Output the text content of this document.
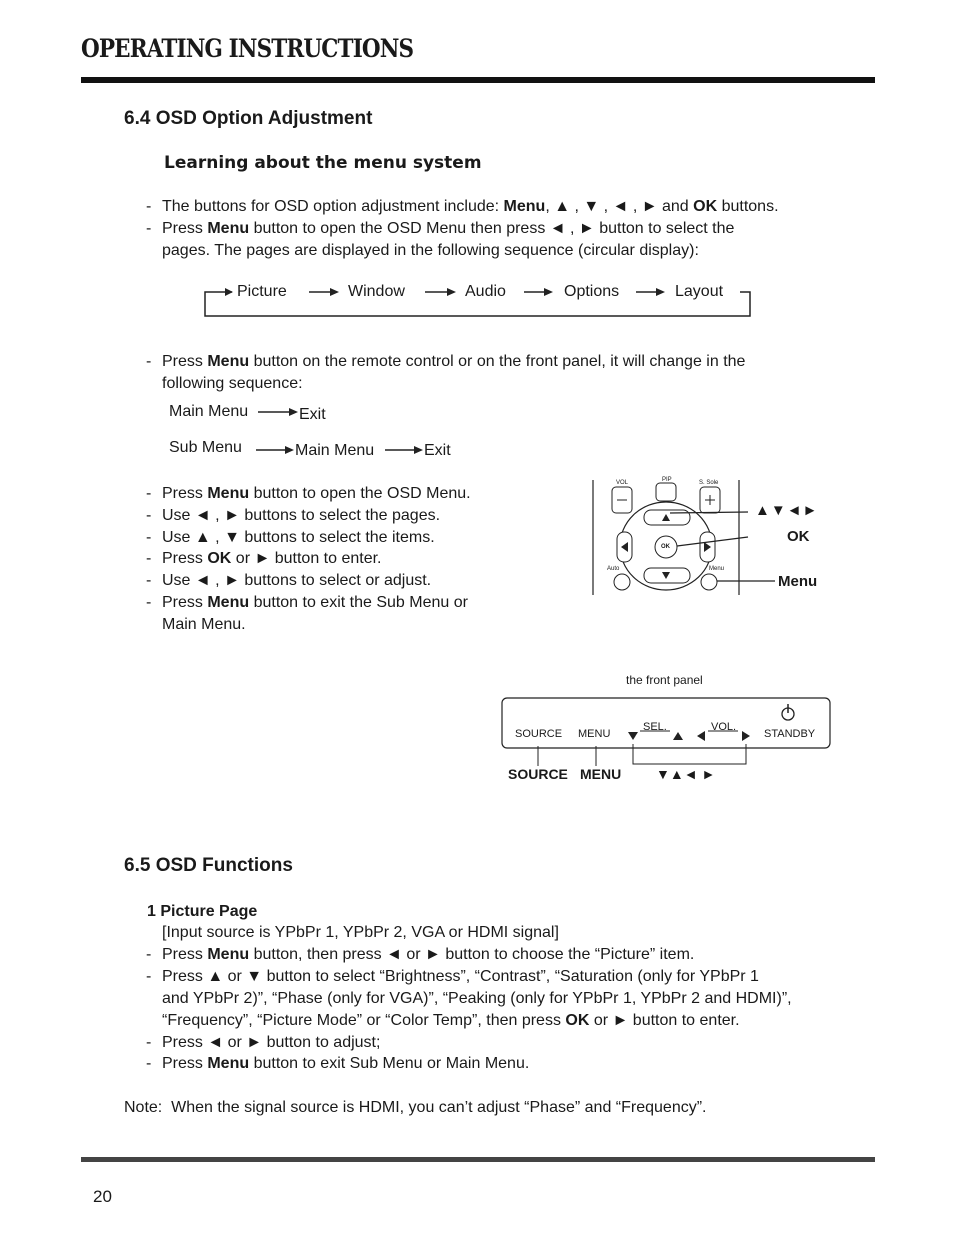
OPERATING INSTRUCTIONS
6.4 OSD Option Adjustment
Learning about the menu system
- The buttons for OSD option adjustment include: Menu, ▲ , ▼ , ◄ , ► and OK buttons.
- Press Menu button to open the OSD Menu then press ◄ , ► button to select the
pages. The pages are displayed in the following sequence (circular display):
Picture	Window	Audio	Options	Layout
- Press Menu button on the remote control or on the front panel, it will change in the
following sequence:
Main Menu	Exit
Sub Menu	Main Menu	Exit
- Press Menu button to open the OSD Menu.
- Use ◄ , ► buttons to select the pages.
- Use ▲ , ▼ buttons to select the items.
- Press OK or ► button to enter.
- Use ◄ , ► buttons to select or adjust.
- Press Menu button to exit the Sub Menu or
Main Menu.
VOL	PIP	S. Sole
OK
Auto	Menu
▲▼◄►
OK
Menu
the front panel
SOURCE MENU
SEL.	VOL.
STANDBY
SOURCE MENU ▼▲◄ ►
6.5 OSD Functions
1 Picture Page
[Input source is YPbPr 1, YPbPr 2, VGA or HDMI signal]
- Press Menu button, then press ◄ or ► button to choose the “Picture” item.
- Press ▲ or ▼ button to select “Brightness”, “Contrast”, “Saturation (only for YPbPr 1
and YPbPr 2)”, “Phase (only for VGA)”, “Peaking (only for YPbPr 1, YPbPr 2 and HDMI)”,
“Frequency”, “Picture Mode” or “Color Temp”, then press OK or ► button to enter.
- Press ◄ or ► button to adjust;
- Press Menu button to exit Sub Menu or Main Menu.
Note:  When the signal source is HDMI, you can’t adjust “Phase” and “Frequency”.
20
